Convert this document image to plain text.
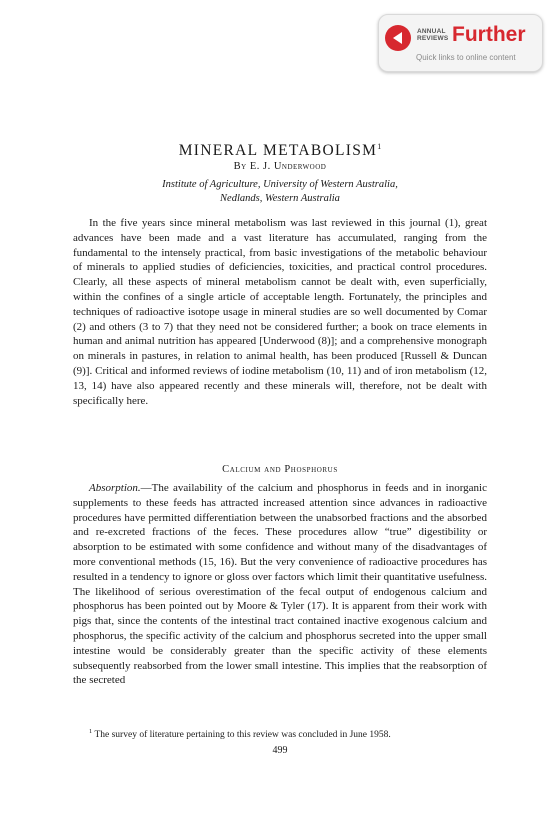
ANNUAL
REVIEWS Further
Quick links to online content
MINERAL METABOLISM$^1$
By E. J. Underwood
Institute of Agriculture, University of Western Australia,
Nedlands, Western Australia

In the five years since mineral metabolism was last reviewed in this journal (1), great advances have been made and a vast literature has accumulated, ranging from the fundamental to the intensely practical, from basic investigations of the metabolic behaviour of minerals to applied studies of deficiencies, toxicities, and practical control procedures. Clearly, all these aspects of mineral metabolism cannot be dealt with, even superficially, within the confines of a single article of acceptable length. Fortunately, the principles and techniques of radioactive isotope usage in mineral studies are so well documented by Comar (2) and others (3 to 7) that they need not be considered further; a book on trace elements in human and animal nutrition has appeared [Underwood (8)]; and a comprehensive monograph on minerals in pastures, in relation to animal health, has been produced [Russell & Duncan (9)]. Critical and informed reviews of iodine metabolism (10, 11) and of iron metabolism (12, 13, 14) have also appeared recently and these minerals will, therefore, not be dealt with specifically here.

Calcium and Phosphorus

Absorption.—The availability of the calcium and phosphorus in feeds and in inorganic supplements to these feeds has attracted increased attention since advances in radioactive procedures have permitted differentiation between the unabsorbed fractions and the absorbed and re-excreted fractions of the feces. These procedures allow “true” digestibility or absorption to be estimated with some confidence and without many of the disadvantages of more conventional methods (15, 16). But the very convenience of radioactive procedures has resulted in a tendency to ignore or gloss over factors which limit their quantitative usefulness. The likelihood of serious overestimation of the fecal output of endogenous calcium and phosphorus has been pointed out by Moore & Tyler (17). It is apparent from their work with pigs that, since the contents of the intestinal tract contained inactive exogenous calcium and phosphorus, the specific activity of the calcium and phosphorus secreted into the upper small intestine would be considerably greater than the specific activity of these elements subsequently reabsorbed from the lower small intestine. This implies that the reabsorption of the secreted

$^1$ The survey of literature pertaining to this review was concluded in June 1958.
499
